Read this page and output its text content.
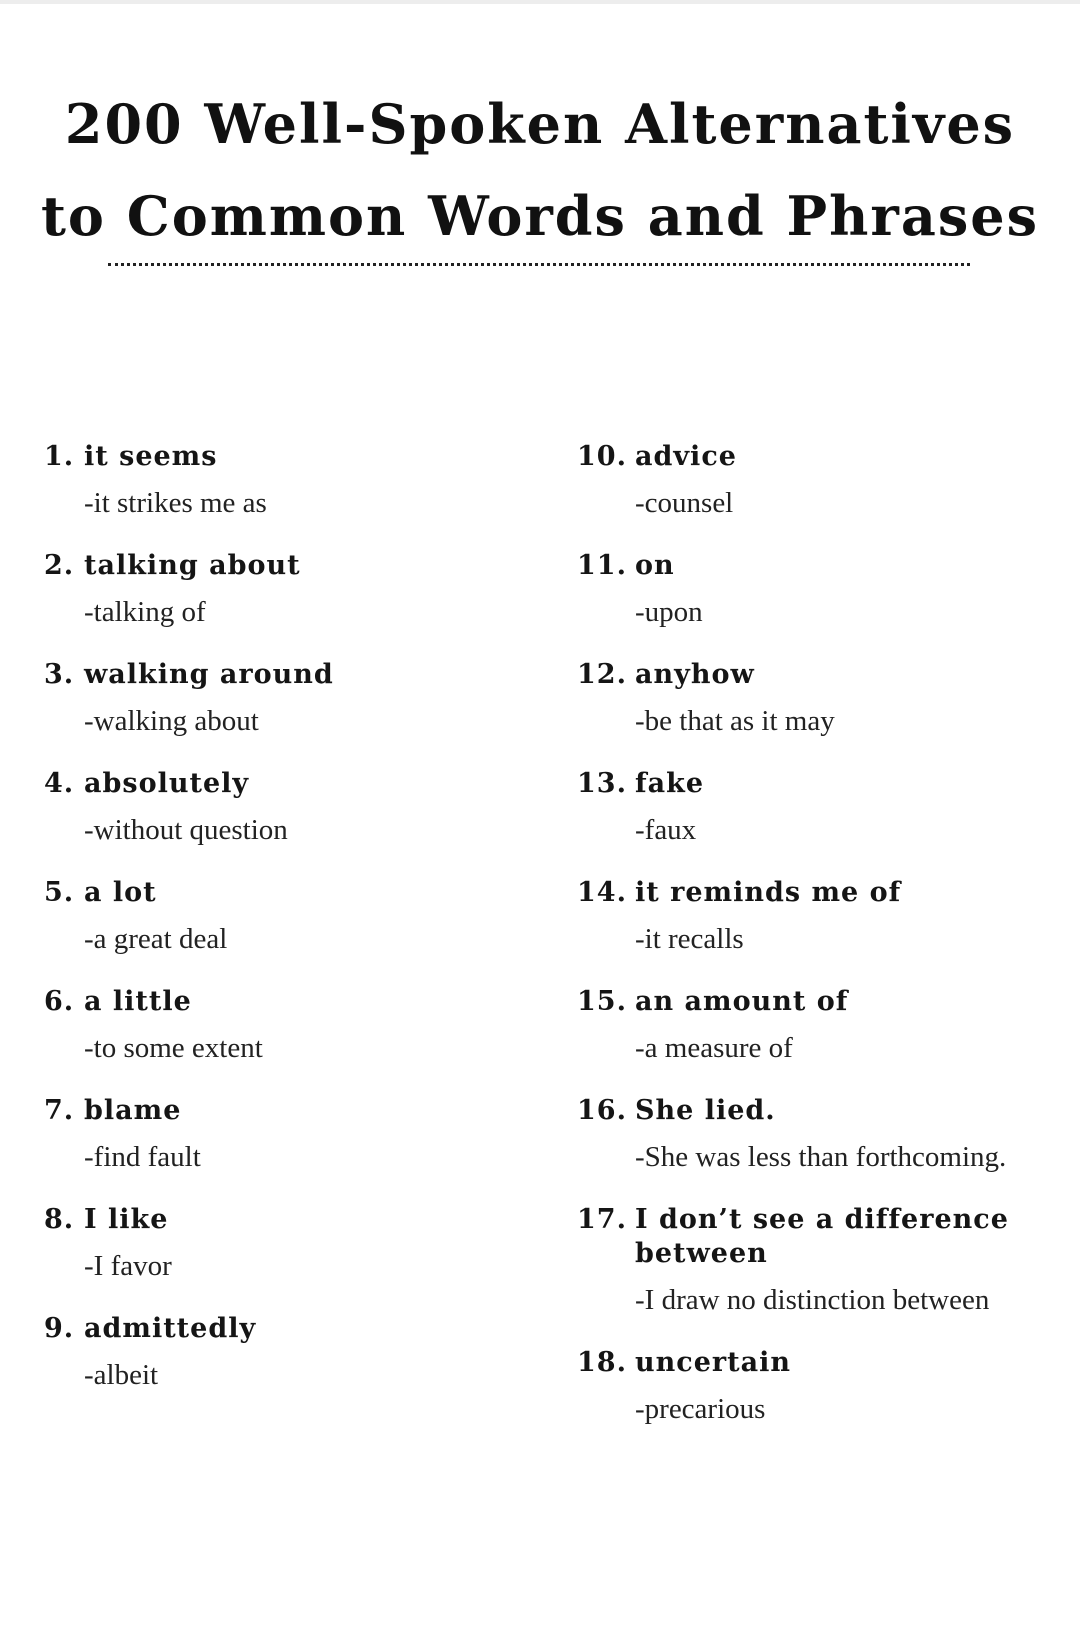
200 Well-Spoken Alternatives
to Common Words and Phrases
1. it seems
-it strikes me as
2. talking about
-talking of
3. walking around
-walking about
4. absolutely
-without question
5. a lot
-a great deal
6. a little
-to some extent
7. blame
-find fault
8. I like
-I favor
9. admittedly
-albeit
10. advice
-counsel
11. on
-upon
12. anyhow
-be that as it may
13. fake
-faux
14. it reminds me of
-it recalls
15. an amount of
-a measure of
16. She lied.
-She was less than forthcoming.
17. I don’t see a difference between
-I draw no distinction between
18. uncertain
-precarious
